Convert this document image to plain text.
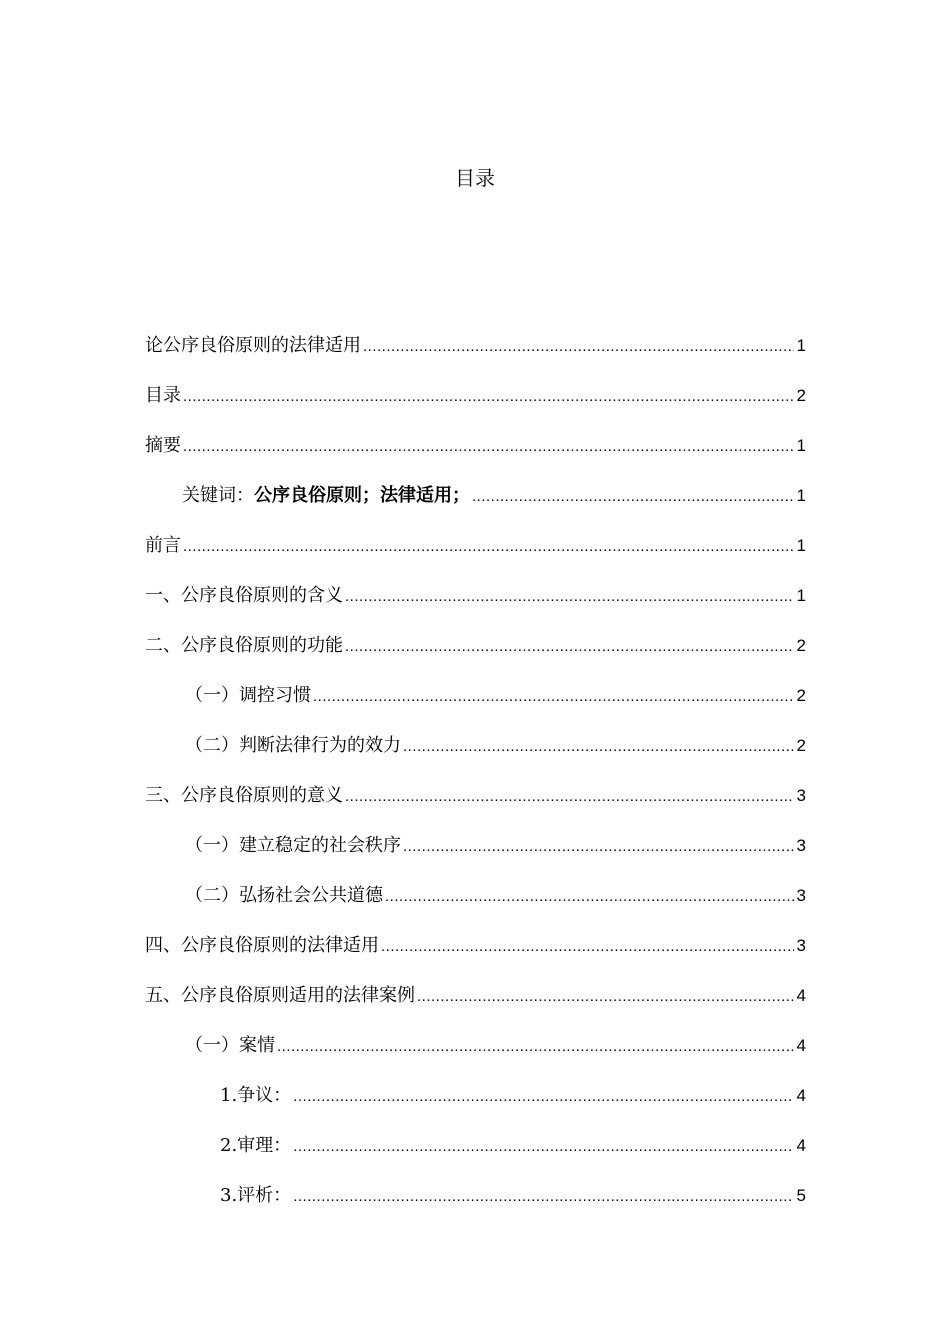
目录
论公序良俗原则的法律适用 .....	1
目录 .....	2
摘要 .....	1
关键词：公序良俗原则；法律适用； .....	1
前言 .....	1
一、公序良俗原则的含义 .....	1
二、公序良俗原则的功能 .....	2
（一）调控习惯 .....	2
（二）判断法律行为的效力 .....	2
三、公序良俗原则的意义 .....	3
（一）建立稳定的社会秩序 .....	3
（二）弘扬社会公共道德 .....	3
四、公序良俗原则的法律适用 .....	3
五、公序良俗原则适用的法律案例 .....	4
（一）案情 .....	4
1.争议： .....	4
2.审理： .....	4
3.评析： .....	5
